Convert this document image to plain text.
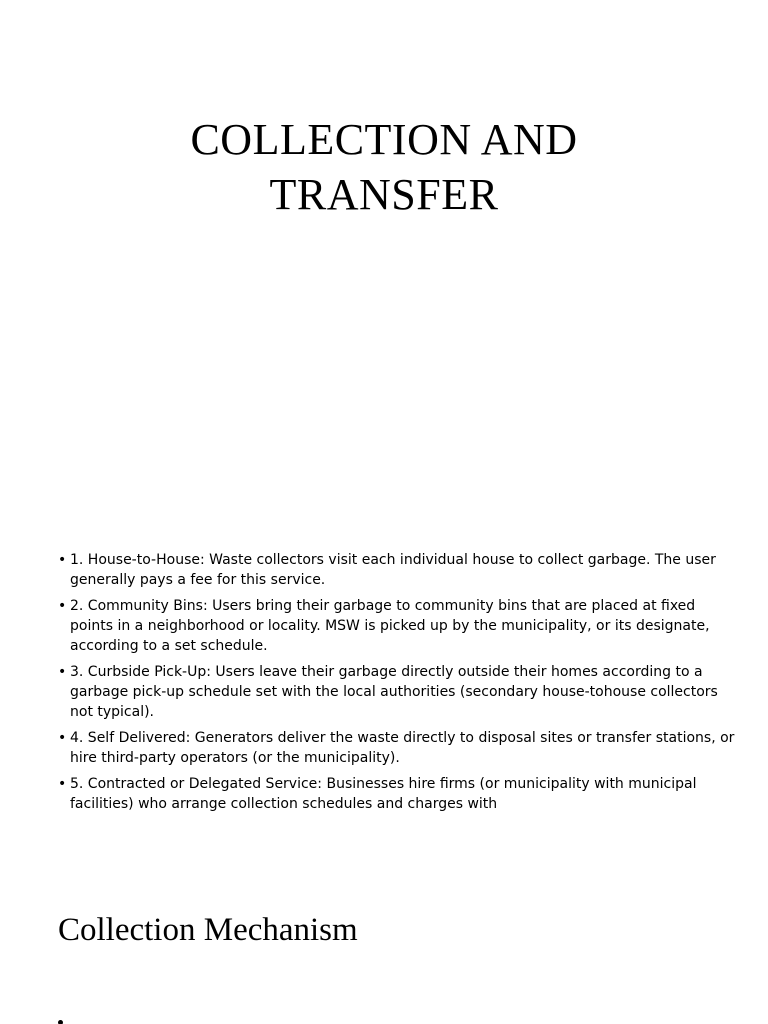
COLLECTION AND
TRANSFER
• 1. House-to-House: Waste collectors visit each individual house to collect garbage. The user generally pays a fee for this service.
• 2. Community Bins: Users bring their garbage to community bins that are placed at fixed points in a neighborhood or locality. MSW is picked up by the municipality, or its designate, according to a set schedule.
• 3. Curbside Pick-Up: Users leave their garbage directly outside their homes according to a garbage pick-up schedule set with the local authorities (secondary house-tohouse collectors not typical).
• 4. Self Delivered: Generators deliver the waste directly to disposal sites or transfer stations, or hire third-party operators (or the municipality).
• 5. Contracted or Delegated Service: Businesses hire firms (or municipality with municipal facilities) who arrange collection schedules and charges with
Collection Mechanism
